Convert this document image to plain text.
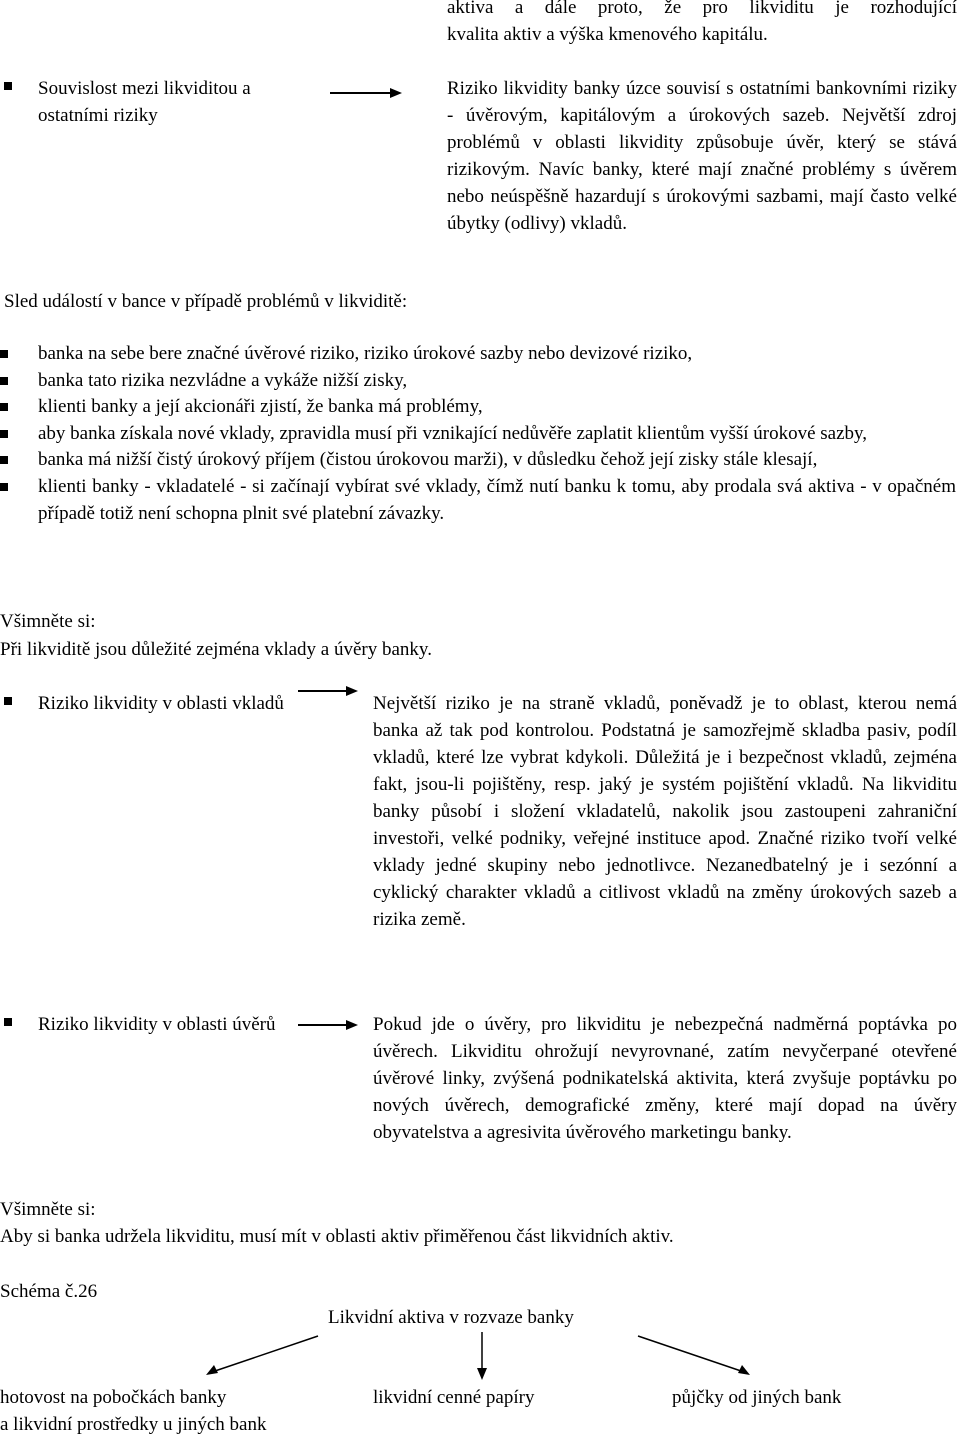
aktiva a dále proto, že pro likviditu je rozhodující
kvalita aktiv a výška kmenového kapitálu.
Souvislost mezi likviditou a ostatními riziky
Riziko likvidity banky úzce souvisí s ostatními bankovními riziky - úvěrovým, kapitálovým a úrokových sazeb. Největší zdroj problémů v oblasti likvidity způsobuje úvěr, který se stává rizikovým. Navíc banky, které mají značné problémy s úvěrem nebo neúspěšně hazardují s úrokovými sazbami, mají často velké úbytky (odlivy) vkladů.
Sled událostí v bance v případě problémů v likviditě:
banka na sebe bere značné úvěrové riziko, riziko úrokové sazby nebo devizové riziko,
banka tato rizika nezvládne a vykáže nižší zisky,
klienti banky a její akcionáři zjistí, že banka má problémy,
aby banka získala nové vklady, zpravidla musí při vznikající nedůvěře zaplatit klientům vyšší úrokové sazby,
banka má nižší čistý úrokový příjem (čistou úrokovou marži), v důsledku čehož její zisky stále klesají,
klienti banky - vkladatelé - si začínají vybírat své vklady, čímž nutí banku k tomu, aby prodala svá aktiva - v opačném případě totiž není schopna plnit své platební závazky.
Všimněte si:
Při likviditě jsou důležité zejména vklady a úvěry banky.
Riziko likvidity v oblasti vkladů	Největší riziko je na straně vkladů, poněvadž je to oblast, kterou nemá banka až tak pod kontrolou. Podstatná je samozřejmě skladba pasiv, podíl vkladů, které lze vybrat kdykoli. Důležitá je i bezpečnost vkladů, zejména fakt, jsou-li pojištěny, resp. jaký je systém pojištění vkladů. Na likviditu banky působí i složení vkladatelů, nakolik jsou zastoupeni zahraniční investoři, velké podniky, veřejné instituce apod. Značné riziko tvoří velké vklady jedné skupiny nebo jednotlivce. Nezanedbatelný je i sezónní a cyklický charakter vkladů a citlivost vkladů na změny úrokových sazeb a rizika země.
Riziko likvidity v oblasti úvěrů	Pokud jde o úvěry, pro likviditu je nebezpečná nadměrná poptávka po úvěrech. Likviditu ohrožují nevyrovnané, zatím nevyčerpané otevřené úvěrové linky, zvýšená podnikatelská aktivita, která zvyšuje poptávku po nových úvěrech, demografické změny, které mají dopad na úvěry obyvatelstva a agresivita úvěrového marketingu banky.
Všimněte si:
Aby si banka udržela likviditu, musí mít v oblasti aktiv přiměřenou část likvidních aktiv.
Schéma č.26
Likvidní aktiva v rozvaze banky
hotovost na pobočkách banky
a likvidní prostředky u jiných bank
likvidní cenné papíry	půjčky od jiných bank
